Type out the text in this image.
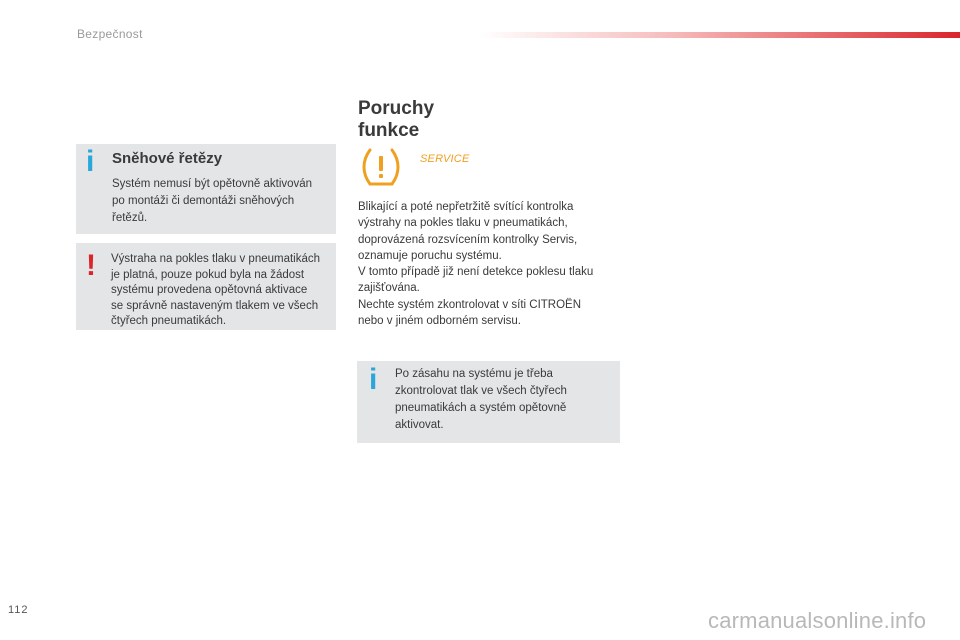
Bezpečnost
i Sněhové řetězy

Systém nemusí být opětovně aktivován

po montáži či demontáži sněhových

řetězů.

! Výstraha na pokles tlaku v pneumatikách

je platná, pouze pokud byla na žádost

systému provedena opětovná aktivace

se správně nastaveným tlakem ve všech

čtyřech pneumatikách.

Poruchy
funkce
SERVICE

Blikající a poté nepřetržitě svítící kontrolka

výstrahy na pokles tlaku v pneumatikách,

doprovázená rozsvícením kontrolky Servis,

oznamuje poruchu systému.

V tomto případě již není detekce poklesu tlaku

zajišťována.

Nechte systém zkontrolovat v síti CITROËN

nebo v jiném odborném servisu.

i Po zásahu na systému je třeba

zkontrolovat tlak ve všech čtyřech

pneumatikách a systém opětovně

aktivovat.

112	carmanualsonline.info
